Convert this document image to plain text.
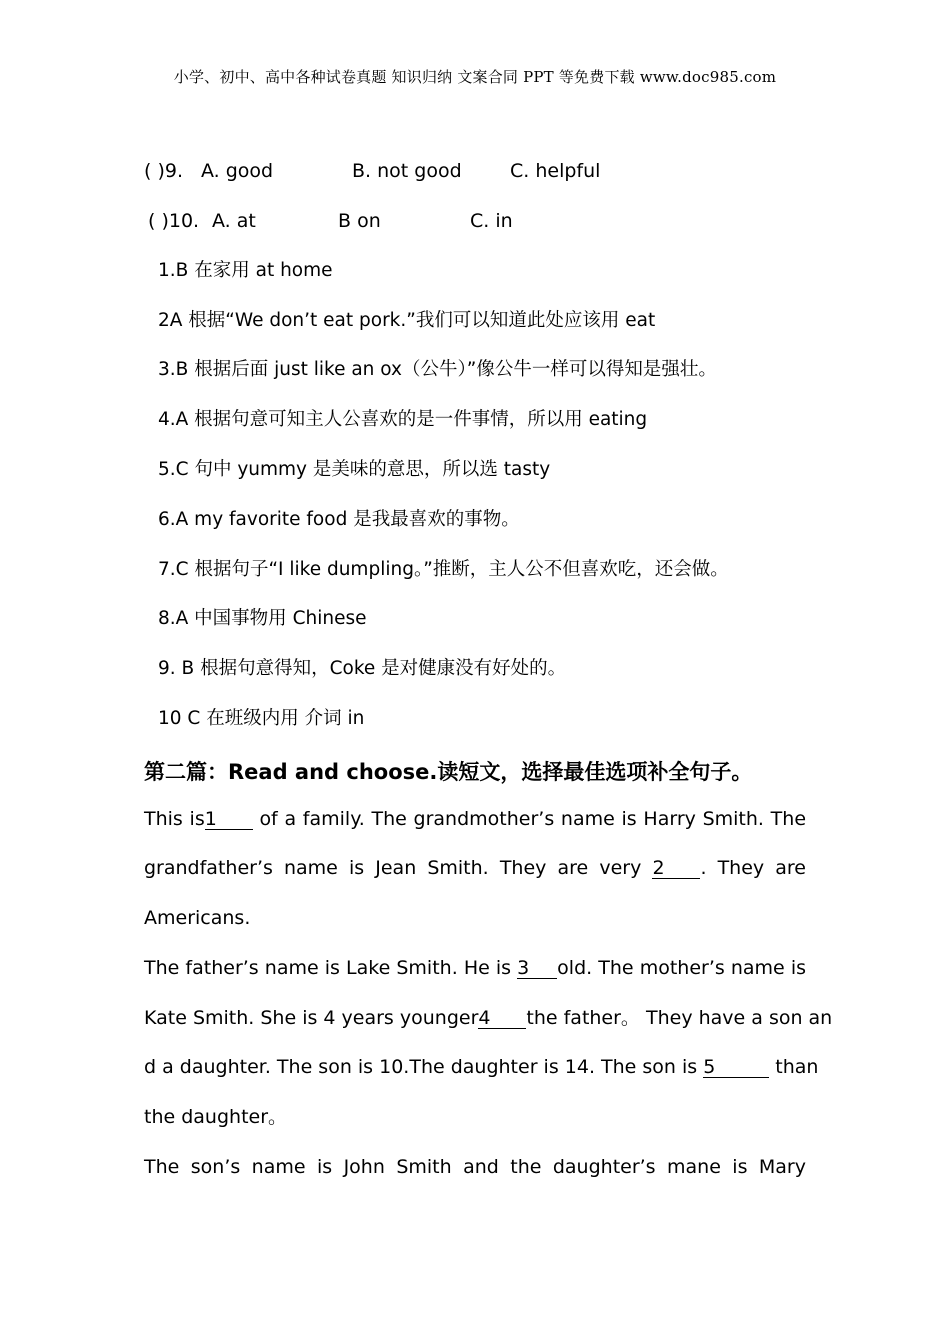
小学、初中、高中各种试卷真题 知识归纳 文案合同 PPT 等免费下载 www.doc985.com
( )9. A. good	B. not good	C. helpful
( )10. A. at	B on	C. in
1.B 在家用 at home
2A 根据“We don’t eat pork.”我们可以知道此处应该用 eat
3.B 根据后面 just like an ox（公牛）”像公牛一样可以得知是强壮。
4.A 根据句意可知主人公喜欢的是一件事情，所以用 eating
5.C 句中 yummy 是美味的意思，所以选 tasty
6.A my favorite food 是我最喜欢的事物。
7.C 根据句子“I like dumpling。”推断，主人公不但喜欢吃，还会做。
8.A 中国事物用 Chinese
9. B 根据句意得知，Coke 是对健康没有好处的。
10 C 在班级内用 介词 in
第二篇：Read and choose.读短文，选择最佳选项补全句子。
This is1 of a family. The grandmother’s name is Harry Smith. The
grandfather’s name is Jean Smith. They are very 2 . They are
Americans.
The father’s name is Lake Smith. He is 3 old. The mother’s name is
Kate Smith. She is 4 years younger4 the father。 They have a son an
d a daughter. The son is 10.The daughter is 14. The son is 5	than
the daughter。
The son’s name is John Smith and the daughter’s mane is Mary
